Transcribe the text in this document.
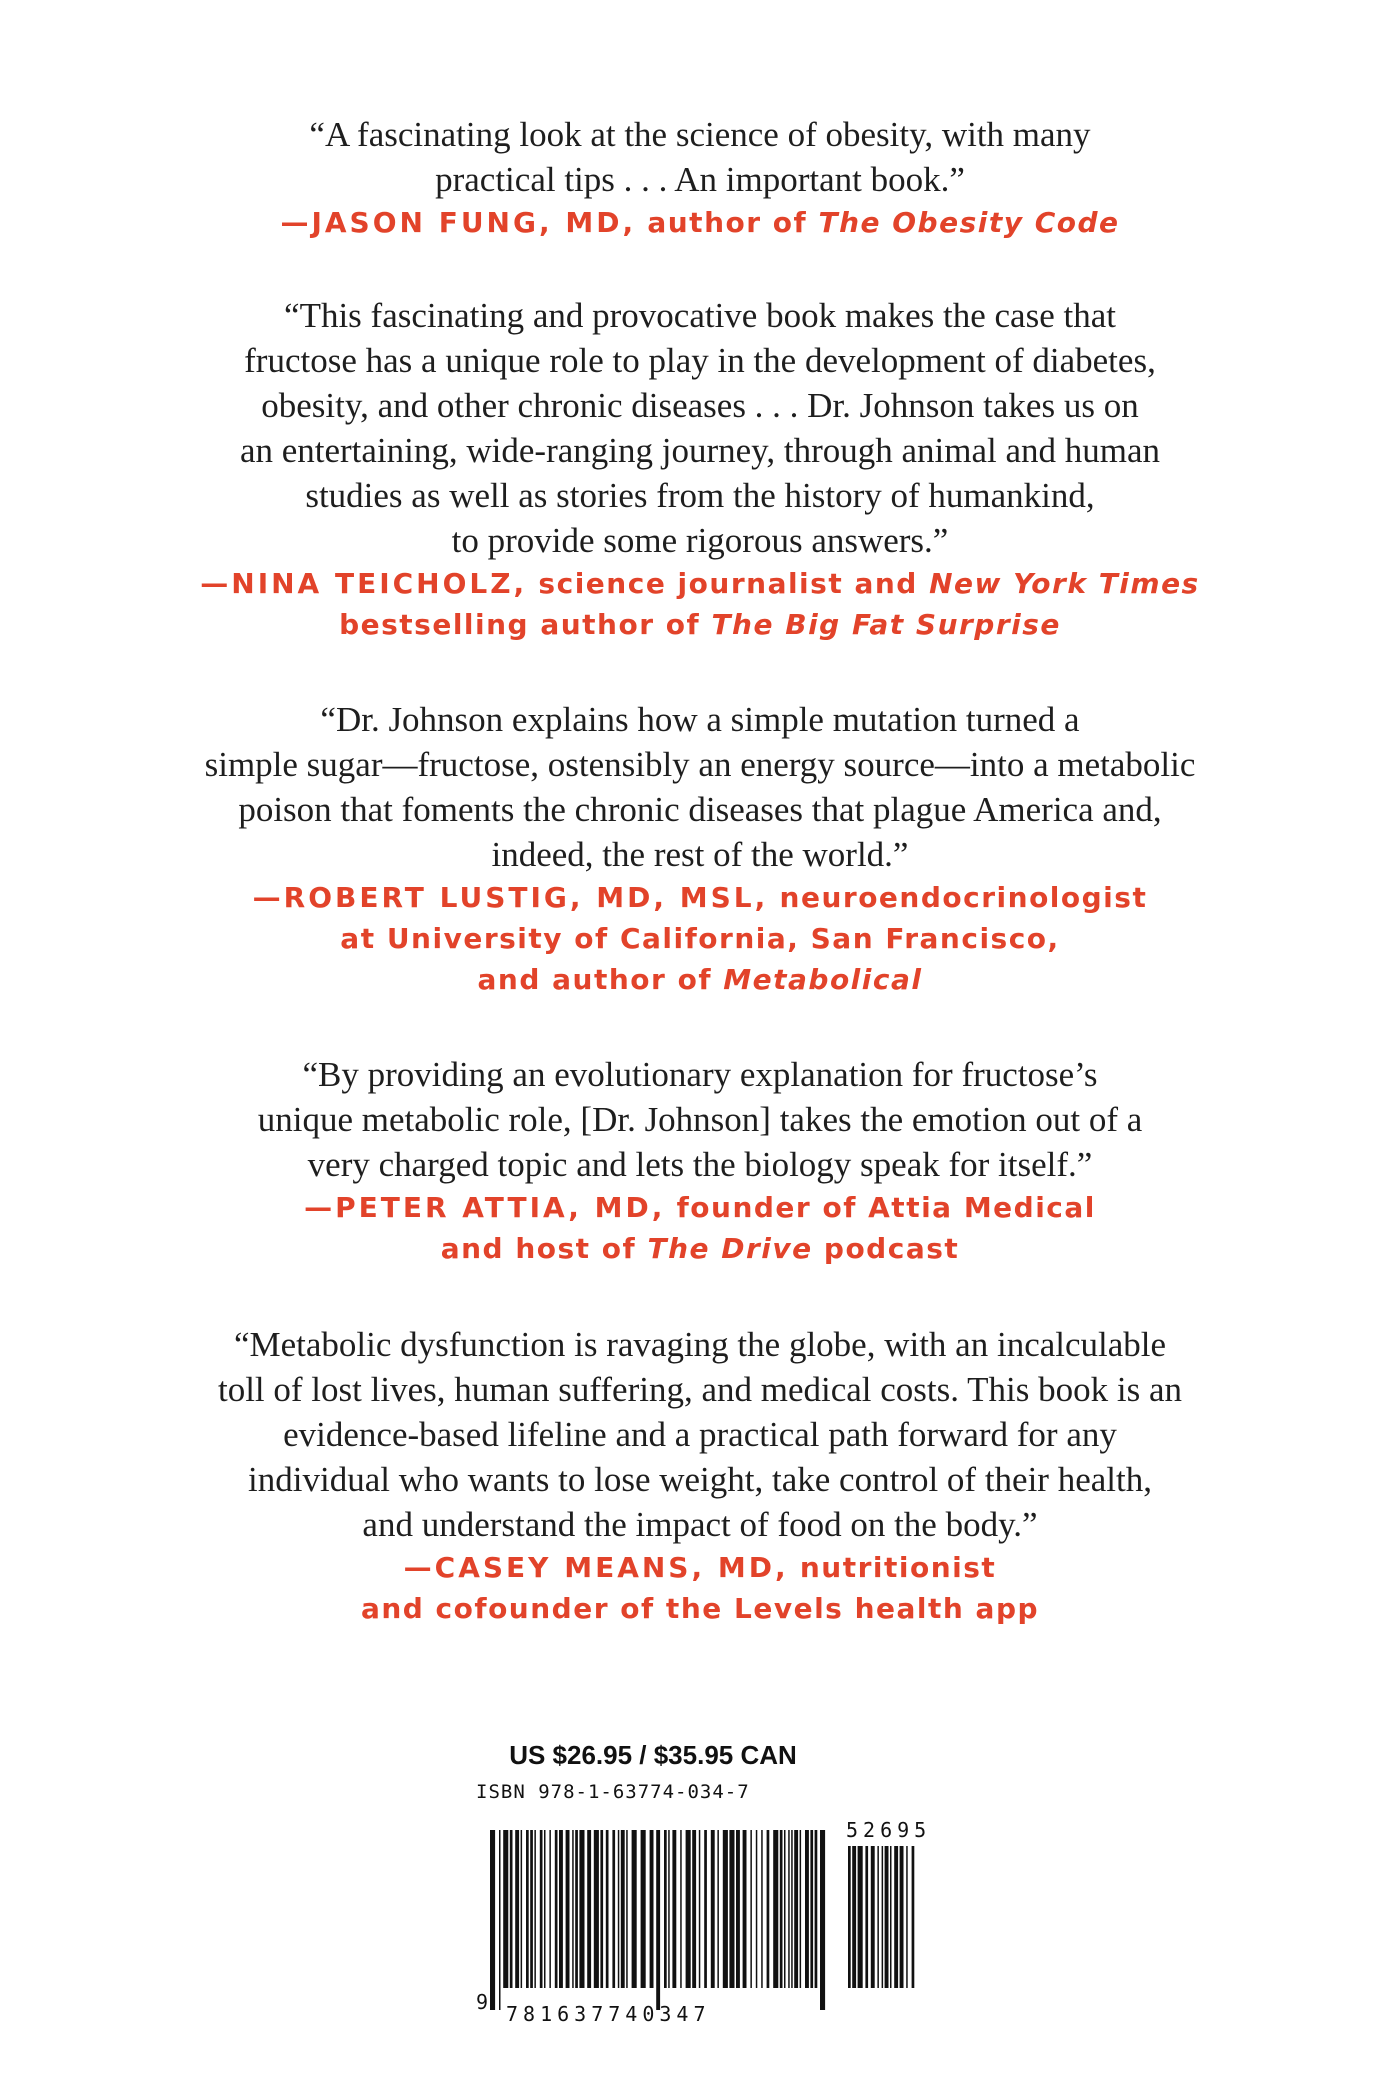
“A fascinating look at the science of obesity, with many
practical tips . . . An important book.”
—JASON FUNG, MD, author of The Obesity Code
“This fascinating and provocative book makes the case that
fructose has a unique role to play in the development of diabetes,
obesity, and other chronic diseases . . . Dr. Johnson takes us on
an entertaining, wide-ranging journey, through animal and human
studies as well as stories from the history of humankind,
to provide some rigorous answers.”
—NINA TEICHOLZ, science journalist and New York Times
bestselling author of The Big Fat Surprise
“Dr. Johnson explains how a simple mutation turned a
simple sugar—fructose, ostensibly an energy source—into a metabolic
poison that foments the chronic diseases that plague America and,
indeed, the rest of the world.”
—ROBERT LUSTIG, MD, MSL, neuroendocrinologist
at University of California, San Francisco,
and author of Metabolical
“By providing an evolutionary explanation for fructose’s
unique metabolic role, [Dr. Johnson] takes the emotion out of a
very charged topic and lets the biology speak for itself.”
—PETER ATTIA, MD, founder of Attia Medical
and host of The Drive podcast
“Metabolic dysfunction is ravaging the globe, with an incalculable
toll of lost lives, human suffering, and medical costs. This book is an
evidence-based lifeline and a practical path forward for any
individual who wants to lose weight, take control of their health,
and understand the impact of food on the body.”
—CASEY MEANS, MD, nutritionist
and cofounder of the Levels health app
US $26.95 / $35.95 CAN
ISBN 978-1-63774-034-7
9 781637740347
52695
